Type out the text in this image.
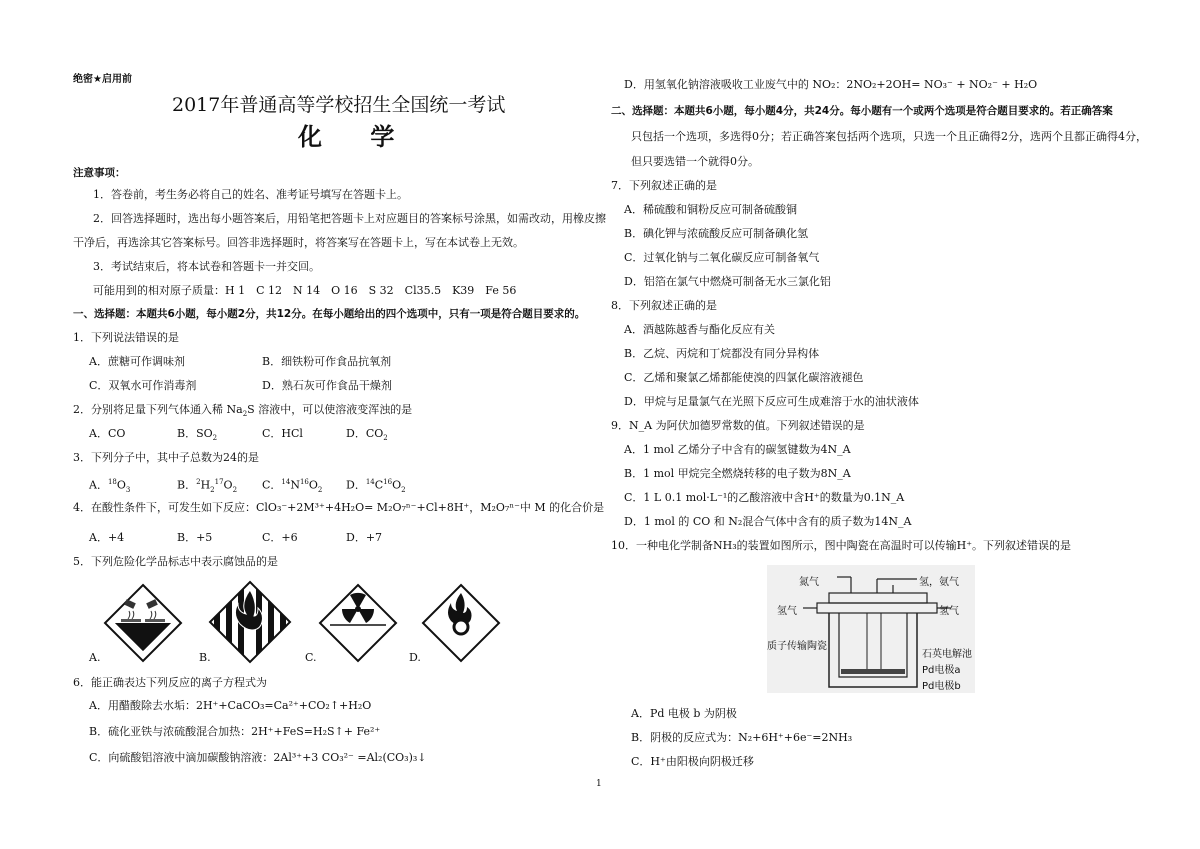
绝密★启用前
2017年普通高等学校招生全国统一考试
化 学
注意事项：
1．答卷前，考生务必将自己的姓名、准考证号填写在答题卡上。
2．回答选择题时，选出每小题答案后，用铅笔把答题卡上对应题目的答案标号涂黑，如需改动，用橡皮擦
干净后，再选涂其它答案标号。回答非选择题时，将答案写在答题卡上，写在本试卷上无效。
3．考试结束后，将本试卷和答题卡一并交回。
可能用到的相对原子质量：H 1　C 12　N 14　O 16　S 32　Cl35.5　K39　Fe 56
一、选择题：本题共6小题，每小题2分，共12分。在每小题给出的四个选项中，只有一项是符合题目要求的。
1．下列说法错误的是
A．蔗糖可作调味剂	B．细铁粉可作食品抗氧剂
C．双氧水可作消毒剂	D．熟石灰可作食品干燥剂
2．分别将足量下列气体通入稀 $Na_2S$ 溶液中，可以使溶液变浑浊的是
A．CO	B．$SO_2$	C．HCl	D．$CO_2$
3．下列分子中，其中子总数为24的是
A．$^{18}O_3$	B．$^2H_2^{17}O_2$ C．$^{14}N^{16}O_2$ D．$^{14}C^{16}O_2$
4．在酸性条件下，可发生如下反应：ClO₃⁻+2M³⁺+4H₂O= M₂O₇ⁿ⁻+Cl+8H⁺，M₂O₇ⁿ⁻中 M 的化合价是
A．+4	B．+5	C．+6	D．+7
5．下列危险化学品标志中表示腐蚀品的是
A.	B.	C.	D.
6．能正确表达下列反应的离子方程式为
A．用醋酸除去水垢：2H⁺+CaCO₃=Ca²⁺+CO₂↑+H₂O
B．硫化亚铁与浓硫酸混合加热：2H⁺+FeS=H₂S↑+ Fe²⁺
C．向硫酸铝溶液中滴加碳酸钠溶液：2Al³⁺+3 CO₃²⁻ =Al₂(CO₃)₃↓
D．用氢氧化钠溶液吸收工业废气中的 NO₂：2NO₂+2OH= NO₃⁻ + NO₂⁻ + H₂O
二、选择题：本题共6小题，每小题4分，共24分。每小题有一个或两个选项是符合题目要求的。若正确答案
只包括一个选项，多选得0分；若正确答案包括两个选项，只选一个且正确得2分，选两个且都正确得4分，
但只要选错一个就得0分。
7．下列叙述正确的是
A．稀硫酸和铜粉反应可制备硫酸铜
B．碘化钾与浓硫酸反应可制备碘化氢
C．过氧化钠与二氧化碳反应可制备氧气
D．铝箔在氯气中燃烧可制备无水三氯化铝
8．下列叙述正确的是
A．酒越陈越香与酯化反应有关
B．乙烷、丙烷和丁烷都没有同分异构体
C．乙烯和聚氯乙烯都能使溴的四氯化碳溶液褪色
D．甲烷与足量氯气在光照下反应可生成难溶于水的油状液体
9．N_A 为阿伏加德罗常数的值。下列叙述错误的是
A．1 mol 乙烯分子中含有的碳氢键数为4N_A
B．1 mol 甲烷完全燃烧转移的电子数为8N_A
C．1 L 0.1 mol·L⁻¹的乙酸溶液中含H⁺的数量为0.1N_A
D．1 mol 的 CO 和 N₂混合气体中含有的质子数为14N_A
10．一种电化学制备NH₃的装置如图所示，图中陶瓷在高温时可以传输H⁺。下列叙述错误的是
氮气	氢，氨气
氢气	氢气
质子传输陶瓷
石英电解池
Pd电极a
Pd电极b
A．Pd 电极 b 为阴极
B．阴极的反应式为：N₂+6H⁺+6e⁻=2NH₃
C．H⁺由阳极向阴极迁移
1
